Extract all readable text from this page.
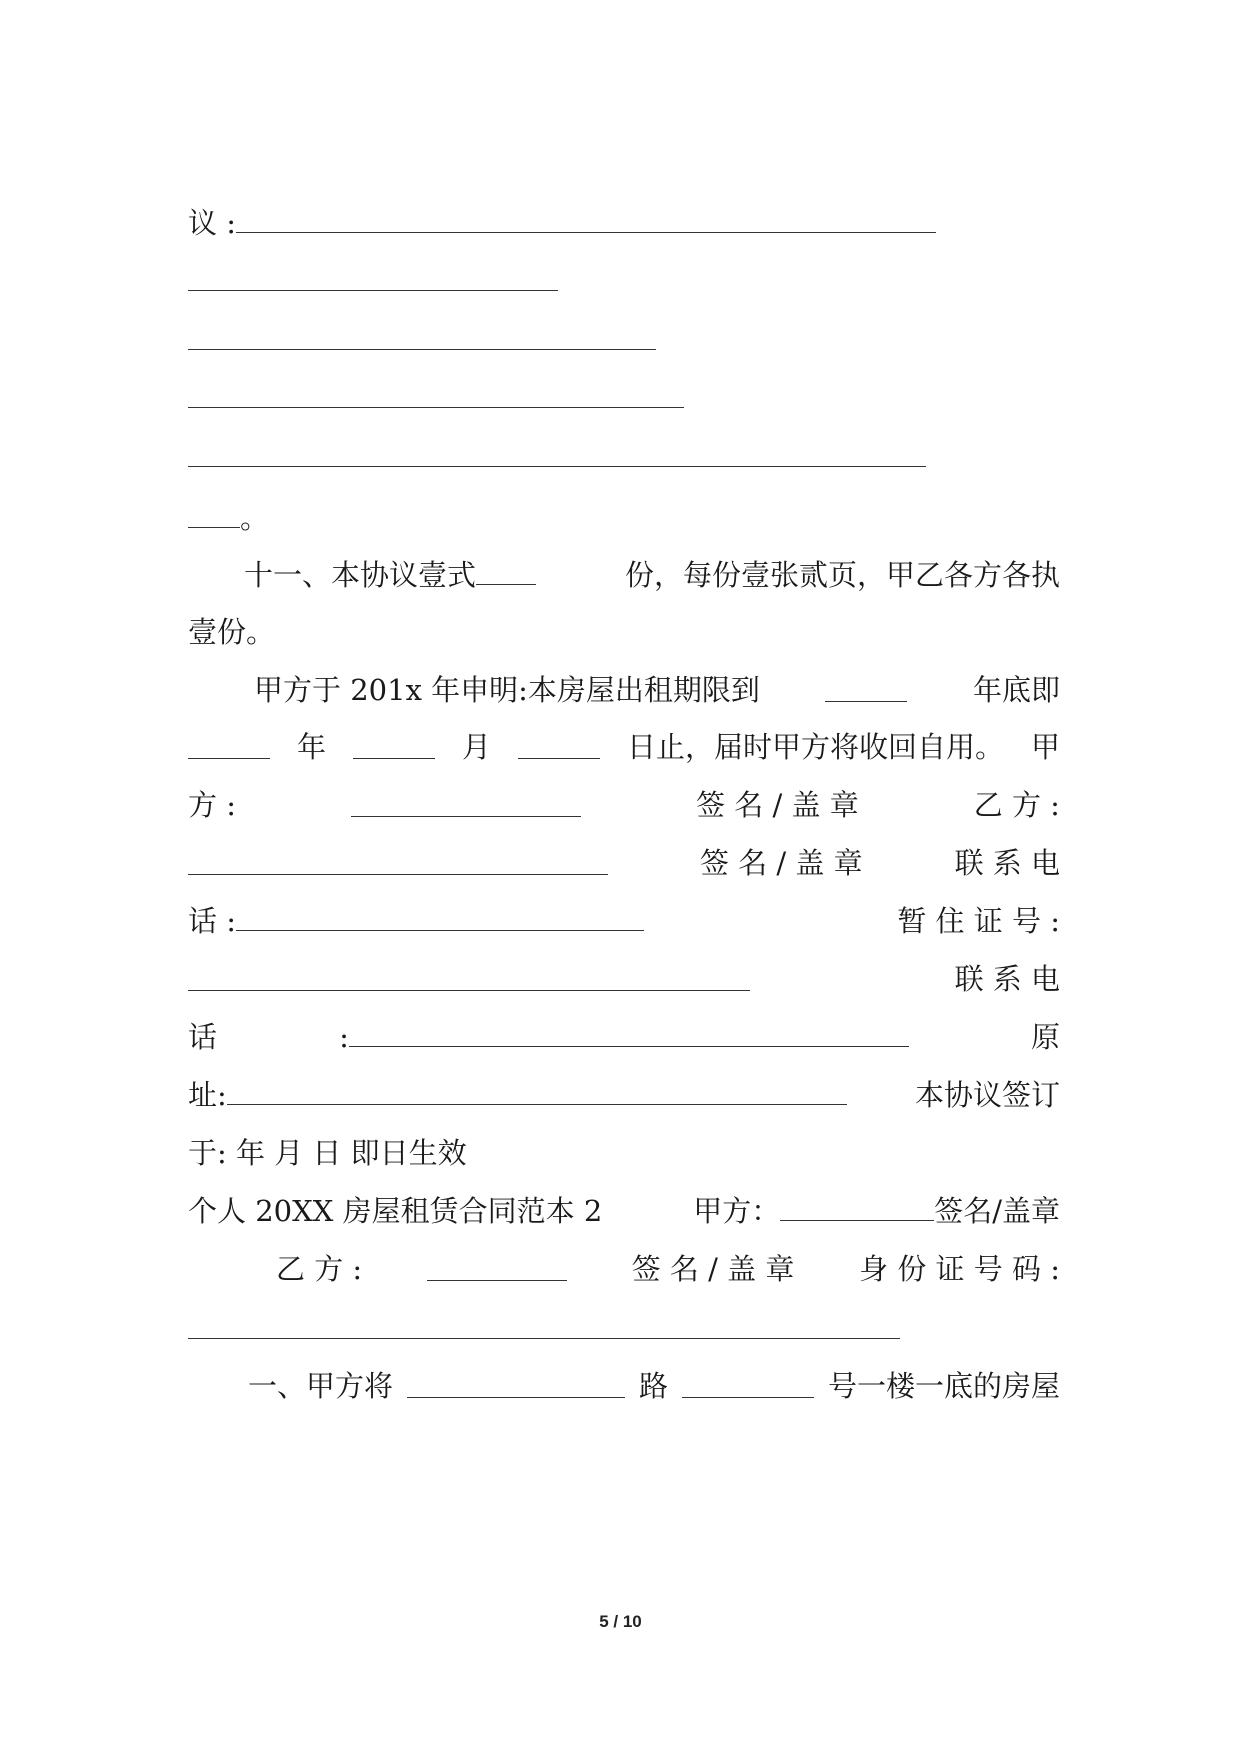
议 :
。
十一、本协议壹式	份，每份壹张贰页，甲乙各方各执
壹份。
甲方于 201x 年申明:本房屋出租期限到	年底即
年	月	日止，届时甲方将收回自用。 甲
方 :	签 名 / 盖 章	乙 方 :
签 名 / 盖 章	联 系 电
话 :	暂 住 证 号 :
联 系 电
话	:	原
址:	本协议签订
于: 年 月 日 即日生效
个人 20XX 房屋租赁合同范本 2	甲方：	签名/盖章
乙 方 :	签 名 / 盖 章 身 份 证 号 码 :
一、甲方将	路	号一楼一底的房屋
5 / 10
